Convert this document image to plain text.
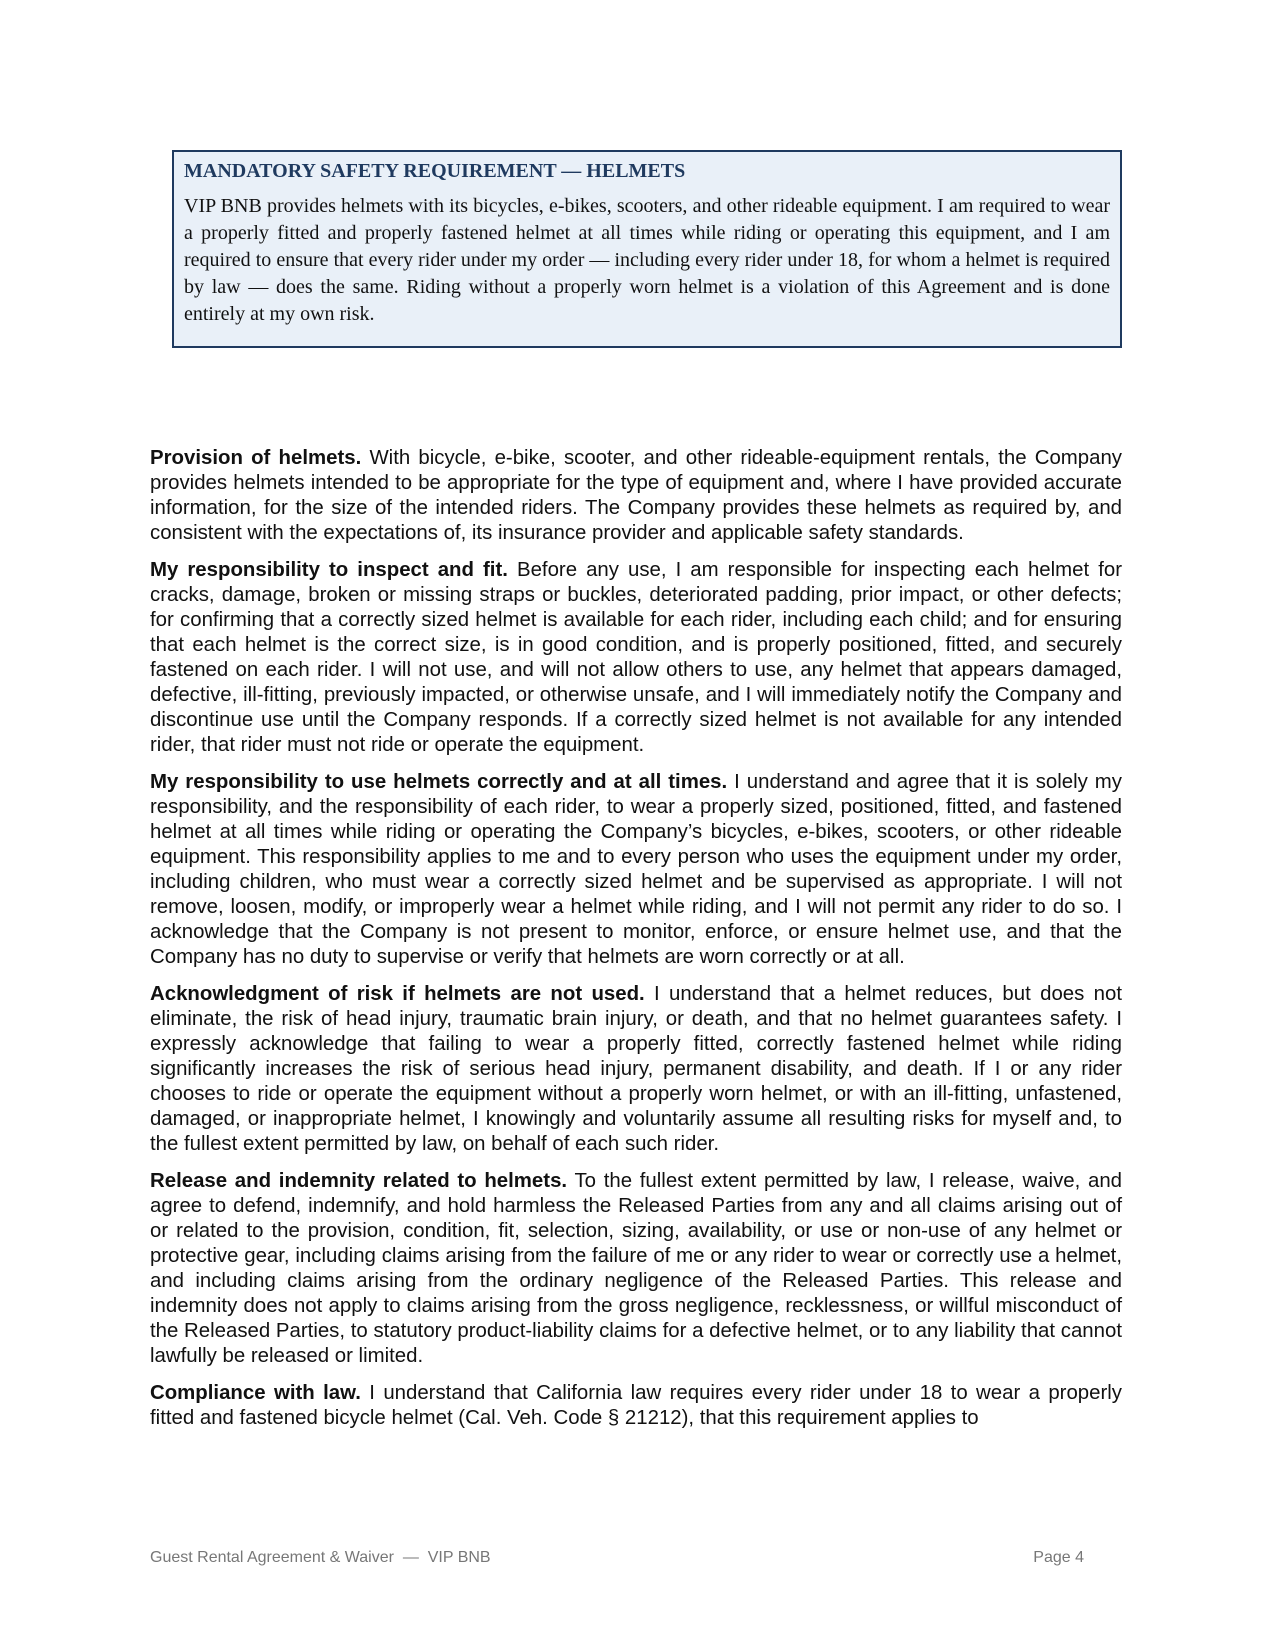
MANDATORY SAFETY REQUIREMENT — HELMETS

VIP BNB provides helmets with its bicycles, e-bikes, scooters, and other rideable equipment. I am required to wear a properly fitted and properly fastened helmet at all times while riding or operating this equipment, and I am required to ensure that every rider under my order — including every rider under 18, for whom a helmet is required by law — does the same. Riding without a properly worn helmet is a violation of this Agreement and is done entirely at my own risk.

Provision of helmets. With bicycle, e-bike, scooter, and other rideable-equipment rentals, the Company provides helmets intended to be appropriate for the type of equipment and, where I have provided accurate information, for the size of the intended riders. The Company provides these helmets as required by, and consistent with the expectations of, its insurance provider and applicable safety standards.

My responsibility to inspect and fit. Before any use, I am responsible for inspecting each helmet for cracks, damage, broken or missing straps or buckles, deteriorated padding, prior impact, or other defects; for confirming that a correctly sized helmet is available for each rider, including each child; and for ensuring that each helmet is the correct size, is in good condition, and is properly positioned, fitted, and securely fastened on each rider. I will not use, and will not allow others to use, any helmet that appears damaged, defective, ill-fitting, previously impacted, or otherwise unsafe, and I will immediately notify the Company and discontinue use until the Company responds. If a correctly sized helmet is not available for any intended rider, that rider must not ride or operate the equipment.

My responsibility to use helmets correctly and at all times. I understand and agree that it is solely my responsibility, and the responsibility of each rider, to wear a properly sized, positioned, fitted, and fastened helmet at all times while riding or operating the Company’s bicycles, e-bikes, scooters, or other rideable equipment. This responsibility applies to me and to every person who uses the equipment under my order, including children, who must wear a correctly sized helmet and be supervised as appropriate. I will not remove, loosen, modify, or improperly wear a helmet while riding, and I will not permit any rider to do so. I acknowledge that the Company is not present to monitor, enforce, or ensure helmet use, and that the Company has no duty to supervise or verify that helmets are worn correctly or at all.

Acknowledgment of risk if helmets are not used. I understand that a helmet reduces, but does not eliminate, the risk of head injury, traumatic brain injury, or death, and that no helmet guarantees safety. I expressly acknowledge that failing to wear a properly fitted, correctly fastened helmet while riding significantly increases the risk of serious head injury, permanent disability, and death. If I or any rider chooses to ride or operate the equipment without a properly worn helmet, or with an ill-fitting, unfastened, damaged, or inappropriate helmet, I knowingly and voluntarily assume all resulting risks for myself and, to the fullest extent permitted by law, on behalf of each such rider.

Release and indemnity related to helmets. To the fullest extent permitted by law, I release, waive, and agree to defend, indemnify, and hold harmless the Released Parties from any and all claims arising out of or related to the provision, condition, fit, selection, sizing, availability, or use or non-use of any helmet or protective gear, including claims arising from the failure of me or any rider to wear or correctly use a helmet, and including claims arising from the ordinary negligence of the Released Parties. This release and indemnity does not apply to claims arising from the gross negligence, recklessness, or willful misconduct of the Released Parties, to statutory product-liability claims for a defective helmet, or to any liability that cannot lawfully be released or limited.

Compliance with law. I understand that California law requires every rider under 18 to wear a properly fitted and fastened bicycle helmet (Cal. Veh. Code § 21212), that this requirement applies to

Guest Rental Agreement & Waiver  —  VIP BNB	Page 4
